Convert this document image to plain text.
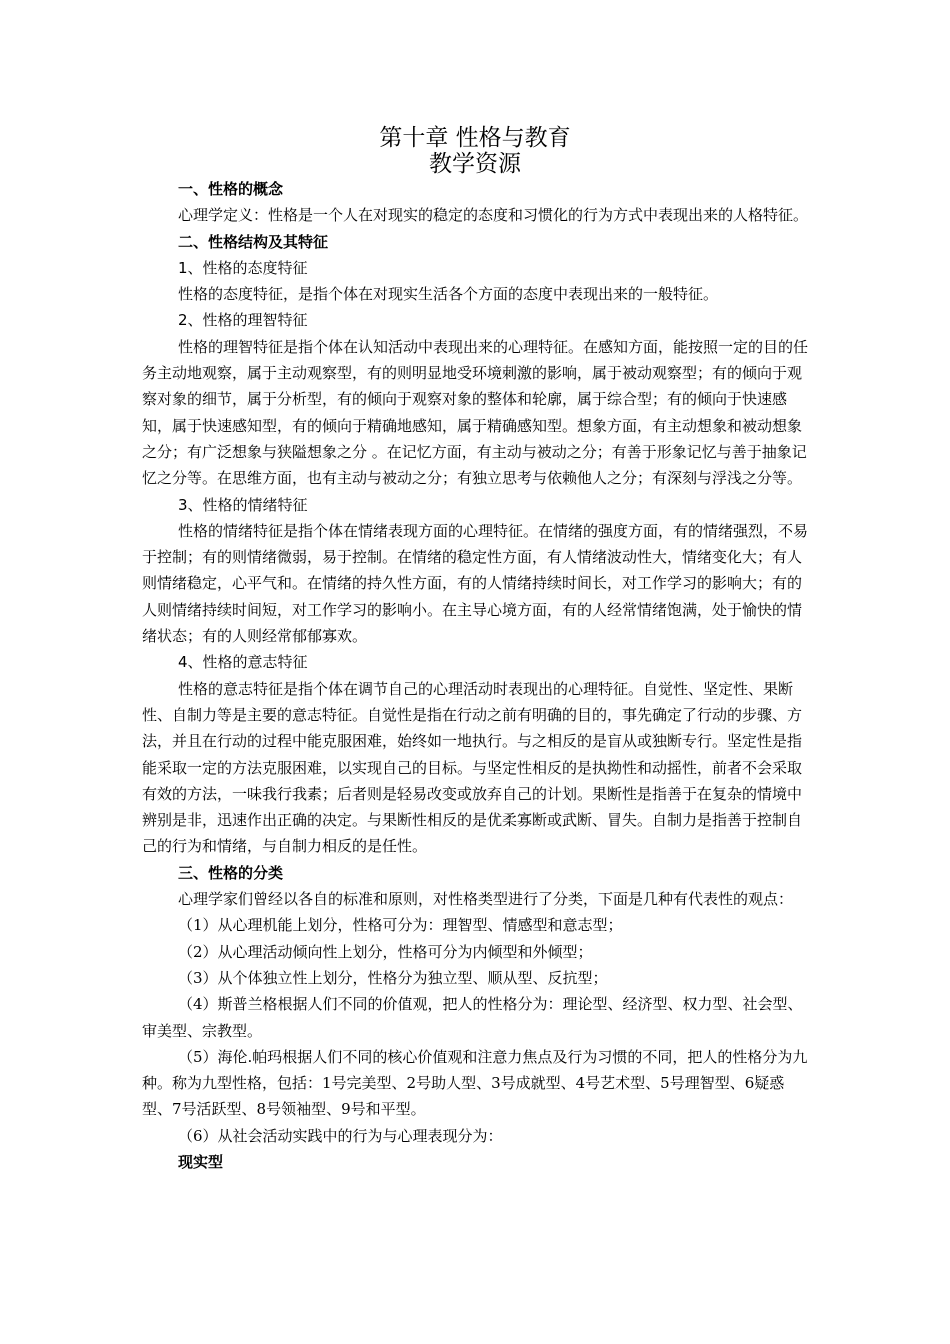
第十章 性格与教育
教学资源

一、性格的概念

心理学定义：性格是一个人在对现实的稳定的态度和习惯化的行为方式中表现出来的人格特征。

二、性格结构及其特征

1、性格的态度特征

性格的态度特征，是指个体在对现实生活各个方面的态度中表现出来的一般特征。

2、性格的理智特征

性格的理智特征是指个体在认知活动中表现出来的心理特征。在感知方面，能按照一定的目的任务主动地观察，属于主动观察型，有的则明显地受环境刺激的影响，属于被动观察型；有的倾向于观察对象的细节，属于分析型，有的倾向于观察对象的整体和轮廓，属于综合型；有的倾向于快速感知，属于快速感知型，有的倾向于精确地感知，属于精确感知型。想象方面，有主动想象和被动想象之分；有广泛想象与狭隘想象之分 。在记忆方面，有主动与被动之分；有善于形象记忆与善于抽象记忆之分等。在思维方面，也有主动与被动之分；有独立思考与依赖他人之分；有深刻与浮浅之分等。

3、性格的情绪特征

性格的情绪特征是指个体在情绪表现方面的心理特征。在情绪的强度方面，有的情绪强烈，不易于控制；有的则情绪微弱，易于控制。在情绪的稳定性方面，有人情绪波动性大，情绪变化大；有人则情绪稳定，心平气和。在情绪的持久性方面，有的人情绪持续时间长，对工作学习的影响大；有的人则情绪持续时间短，对工作学习的影响小。在主导心境方面，有的人经常情绪饱满，处于愉快的情绪状态；有的人则经常郁郁寡欢。

4、性格的意志特征

性格的意志特征是指个体在调节自己的心理活动时表现出的心理特征。自觉性、坚定性、果断性、自制力等是主要的意志特征。自觉性是指在行动之前有明确的目的，事先确定了行动的步骤、方法，并且在行动的过程中能克服困难，始终如一地执行。与之相反的是盲从或独断专行。坚定性是指能采取一定的方法克服困难，以实现自己的目标。与坚定性相反的是执拗性和动摇性，前者不会采取有效的方法，一味我行我素；后者则是轻易改变或放弃自己的计划。果断性是指善于在复杂的情境中辨别是非，迅速作出正确的决定。与果断性相反的是优柔寡断或武断、冒失。自制力是指善于控制自己的行为和情绪，与自制力相反的是任性。

三、性格的分类

心理学家们曾经以各自的标准和原则，对性格类型进行了分类，下面是几种有代表性的观点：

（1）从心理机能上划分，性格可分为：理智型、情感型和意志型；

（2）从心理活动倾向性上划分，性格可分为内倾型和外倾型；

（3）从个体独立性上划分，性格分为独立型、顺从型、反抗型；

（4）斯普兰格根据人们不同的价值观，把人的性格分为：理论型、经济型、权力型、社会型、审美型、宗教型。

（5）海伦.帕玛根据人们不同的核心价值观和注意力焦点及行为习惯的不同，把人的性格分为九种。称为九型性格，包括：1号完美型、2号助人型、3号成就型、4号艺术型、5号理智型、6疑惑型、7号活跃型、8号领袖型、9号和平型。

（6）从社会活动实践中的行为与心理表现分为：

现实型
